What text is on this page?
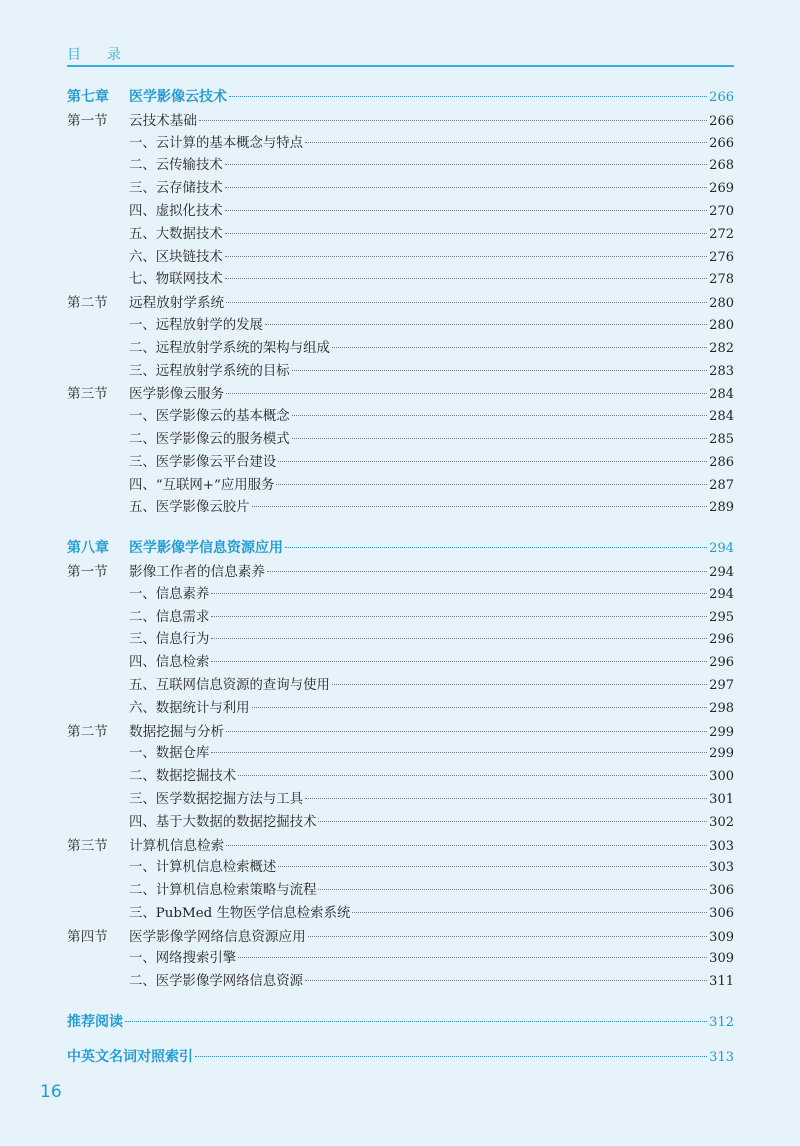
目 录
第七章 医学影像云技术	266
第一节 云技术基础	266
一、云计算的基本概念与特点	266
二、云传输技术	268
三、云存储技术	269
四、虚拟化技术	270
五、大数据技术	272
六、区块链技术	276
七、物联网技术	278
第二节 远程放射学系统	280
一、远程放射学的发展	280
二、远程放射学系统的架构与组成	282
三、远程放射学系统的目标	283
第三节 医学影像云服务	284
一、医学影像云的基本概念	284
二、医学影像云的服务模式	285
三、医学影像云平台建设	286
四、“互联网+”应用服务	287
五、医学影像云胶片	289
第八章 医学影像学信息资源应用	294
第一节 影像工作者的信息素养	294
一、信息素养	294
二、信息需求	295
三、信息行为	296
四、信息检索	296
五、互联网信息资源的查询与使用	297
六、数据统计与利用	298
第二节 数据挖掘与分析	299
一、数据仓库	299
二、数据挖掘技术	300
三、医学数据挖掘方法与工具	301
四、基于大数据的数据挖掘技术	302
第三节 计算机信息检索	303
一、计算机信息检索概述	303
二、计算机信息检索策略与流程	306
三、PubMed 生物医学信息检索系统	306
第四节 医学影像学网络信息资源应用	309
一、网络搜索引擎	309
二、医学影像学网络信息资源	311
推荐阅读	312
中英文名词对照索引	313
16
